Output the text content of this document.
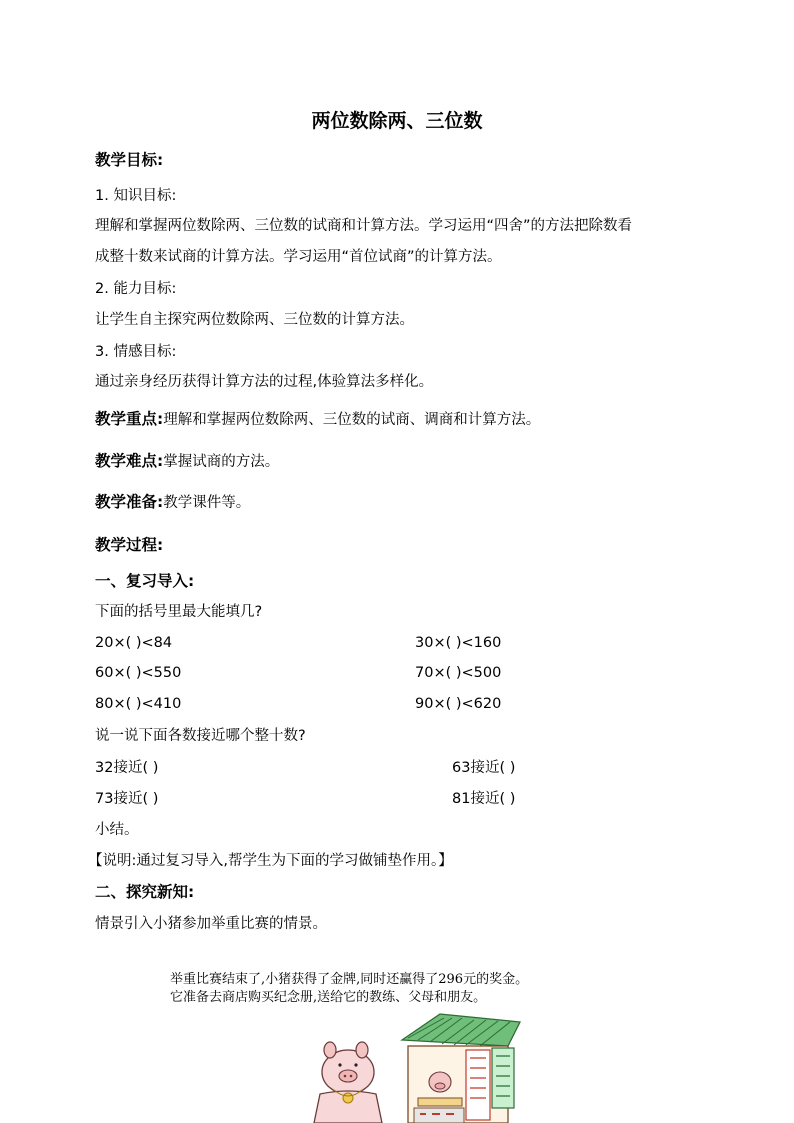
两位数除两、三位数
教学目标:
1. 知识目标:
理解和掌握两位数除两、三位数的试商和计算方法。学习运用“四舍”的方法把除数看
成整十数来试商的计算方法。学习运用“首位试商”的计算方法。
2. 能力目标:
让学生自主探究两位数除两、三位数的计算方法。
3. 情感目标:
通过亲身经历获得计算方法的过程,体验算法多样化。
教学重点:理解和掌握两位数除两、三位数的试商、调商和计算方法。
教学难点:掌握试商的方法。
教学准备:教学课件等。
教学过程:
一、复习导入:
下面的括号里最大能填几?
20×( )<84	30×( )<160
60×( )<550	70×( )<500
80×( )<410	90×( )<620
说一说下面各数接近哪个整十数?
32接近( )	63接近( )
73接近( )	81接近( )
小结。
【说明:通过复习导入,帮学生为下面的学习做铺垫作用。】
二、探究新知:
情景引入小猪参加举重比赛的情景。
举重比赛结束了,小猪获得了金牌,同时还赢得了296元的奖金。
它准备去商店购买纪念册,送给它的教练、父母和朋友。
